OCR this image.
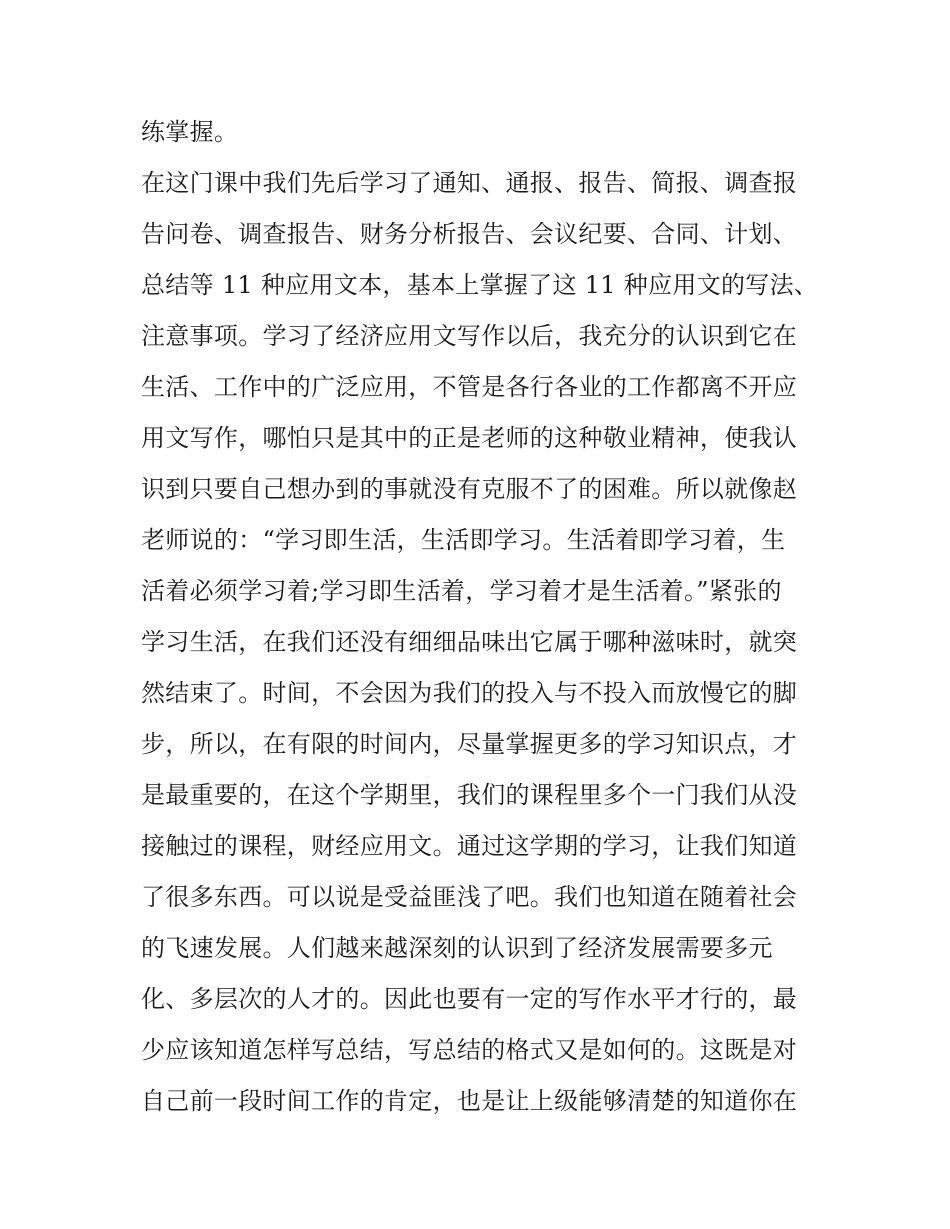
练掌握。
在这门课中我们先后学习了通知、通报、报告、简报、调查报
告问卷、调查报告、财务分析报告、会议纪要、合同、计划、
总结等 11 种应用文本，基本上掌握了这 11 种应用文的写法、
注意事项。学习了经济应用文写作以后，我充分的认识到它在
生活、工作中的广泛应用，不管是各行各业的工作都离不开应
用文写作，哪怕只是其中的正是老师的这种敬业精神，使我认
识到只要自己想办到的事就没有克服不了的困难。所以就像赵
老师说的：“学习即生活，生活即学习。生活着即学习着，生
活着必须学习着;学习即生活着，学习着才是生活着。”紧张的
学习生活，在我们还没有细细品味出它属于哪种滋味时，就突
然结束了。时间，不会因为我们的投入与不投入而放慢它的脚
步，所以，在有限的时间内，尽量掌握更多的学习知识点，才
是最重要的，在这个学期里，我们的课程里多个一门我们从没
接触过的课程，财经应用文。通过这学期的学习，让我们知道
了很多东西。可以说是受益匪浅了吧。我们也知道在随着社会
的飞速发展。人们越来越深刻的认识到了经济发展需要多元
化、多层次的人才的。因此也要有一定的写作水平才行的，最
少应该知道怎样写总结，写总结的格式又是如何的。这既是对
自己前一段时间工作的肯定，也是让上级能够清楚的知道你在
